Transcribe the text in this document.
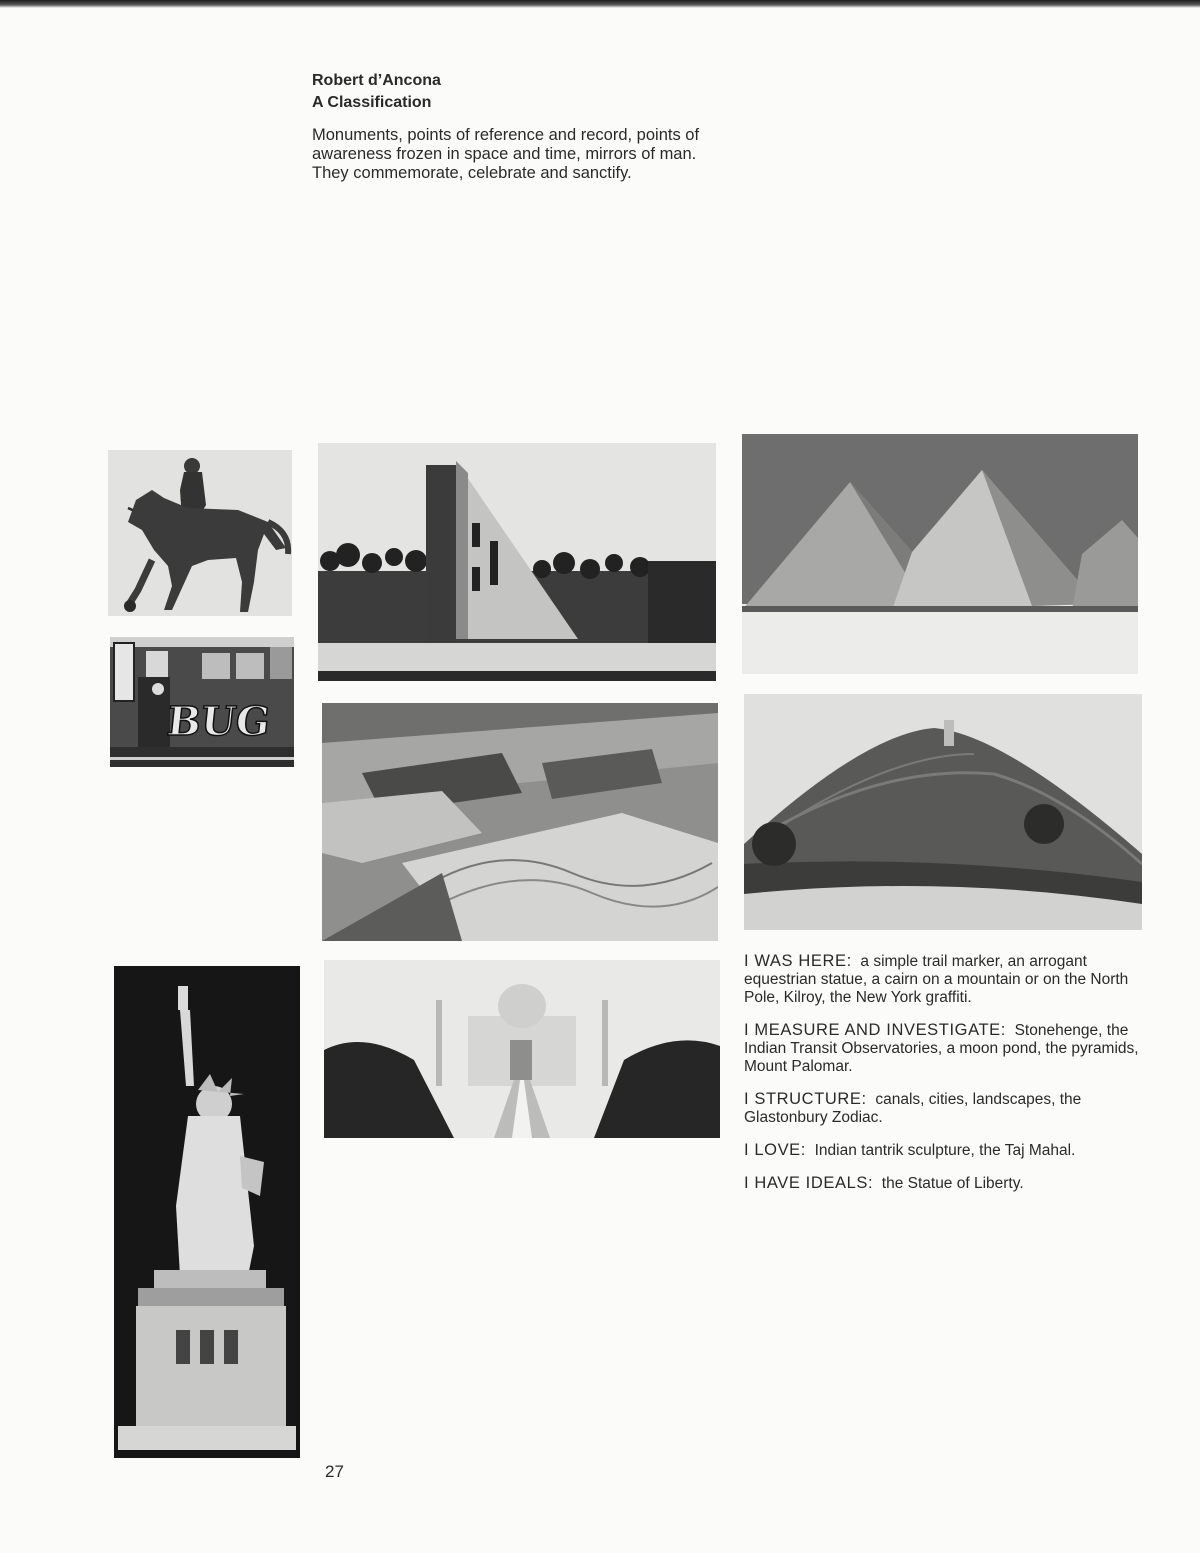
Robert d’Ancona

A Classification

Monuments, points of reference and record, points of awareness frozen in space and time, mirrors of man. They commemorate, celebrate and sanctify.

BUG

I WAS HERE: a simple trail marker, an arrogant equestrian statue, a cairn on a mountain or on the North Pole, Kilroy, the New York graffiti.

I MEASURE AND INVESTIGATE: Stonehenge, the Indian Transit Observatories, a moon pond, the pyramids, Mount Palomar.

I STRUCTURE: canals, cities, landscapes, the Glastonbury Zodiac.

I LOVE: Indian tantrik sculpture, the Taj Mahal.

I HAVE IDEALS: the Statue of Liberty.

27
